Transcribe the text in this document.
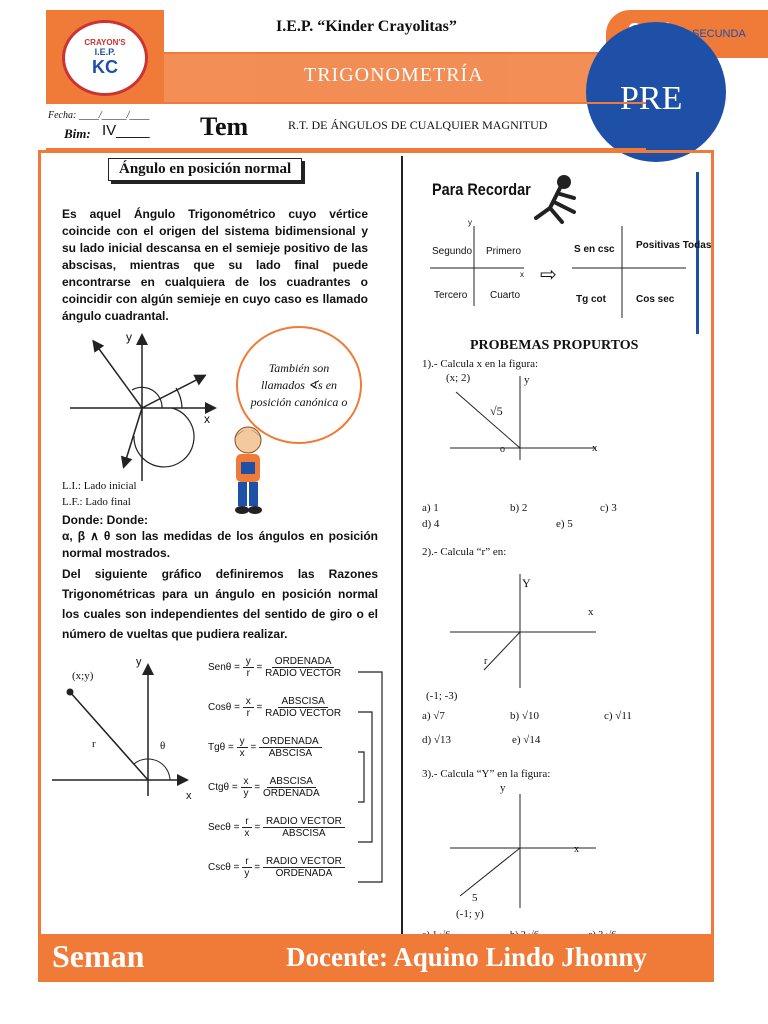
CRAYON'S
I.E.P.
KC
I.E.P. “Kinder Crayolitas”
TRIGONOMETRÍA
PRE
SECUNDA
Fecha: ____/_____/____
Bim: IV____ Tem	R.T. DE ÁNGULOS DE CUALQUIER MAGNITUD
Ángulo en posición normal
Es aquel Ángulo Trigonométrico cuyo vértice coincide con el origen del sistema bidimensional y su lado inicial descansa en el semieje positivo de las abscisas, mientras que su lado final puede encontrarse en cualquiera de los cuadrantes o coincidir con algún semieje en cuyo caso es llamado ángulo cuadrantal.
y
x
También son llamados ∢s en posición canónica o
L.I.: Lado inicial
L.F.: Lado final
Donde: Donde:
α, β ∧ θ son las medidas de los ángulos en posición normal mostrados.
Del siguiente gráfico definiremos las Razones Trigonométricas para un ángulo en posición normal los cuales son independientes del sentido de giro o el número de vueltas que pudiera realizar.
(x;y)
r	θ
y
x
$Sen\theta = \frac{y}{r} = \frac{\text{ORDENADA}}{\text{RADIO VECTOR}}$
$Cos\theta = \frac{x}{r} = \frac{\text{ABSCISA}}{\text{RADIO VECTOR}}$
$Tg\theta = \frac{y}{x} = \frac{\text{ORDENADA}}{\text{ABSCISA}}$
$Ctg\theta = \frac{x}{y} = \frac{\text{ABSCISA}}{\text{ORDENADA}}$
$Sec\theta = \frac{r}{x} = \frac{\text{RADIO VECTOR}}{\text{ABSCISA}}$
$Csc\theta = \frac{r}{y} = \frac{\text{RADIO VECTOR}}{\text{ORDENADA}}$
Para Recordar
Segundo Primero
Tercero Cuarto
y
x ⇨
S en csc Positivas Todas
Tg cot	Cos sec
PROBEMAS PROPURTOS
1).- Calcula x en la figura:
(x; 2)
√5
o
y
x
a) 1	b) 2	c) 3
d) 4	e) 5
2).- Calcula “r” en:
Y
x
r
(-1; -3)
a) √7	b) √10	c) √11
d) √13	e) √14
3).- Calcula “Y” en la figura:
y
x
5
(-1; y)
Seman	Docente: Aquino Lindo Jhonny
